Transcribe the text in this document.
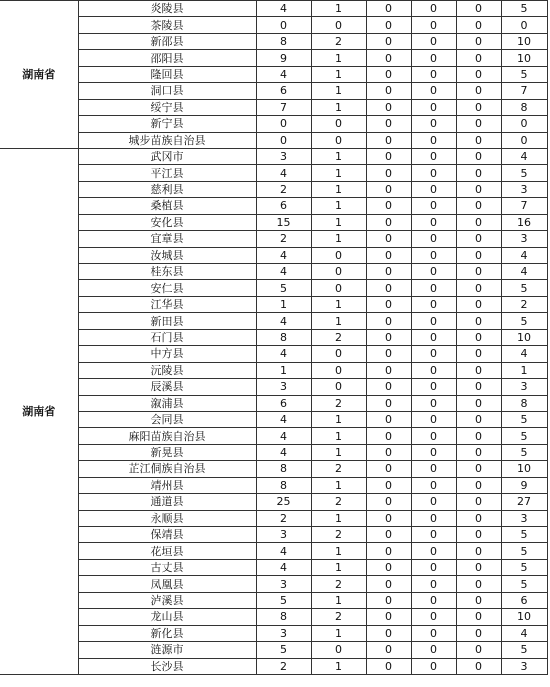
湖南省	炎陵县	4	1	0	0	0	5
	茶陵县	0	0	0	0	0	0
	新邵县	8	2	0	0	0	10
	邵阳县	9	1	0	0	0	10
	隆回县	4	1	0	0	0	5
	洞口县	6	1	0	0	0	7
	绥宁县	7	1	0	0	0	8
	新宁县	0	0	0	0	0	0
	城步苗族自治县	0	0	0	0	0	0
湖南省	武冈市	3	1	0	0	0	4
	平江县	4	1	0	0	0	5
	慈利县	2	1	0	0	0	3
	桑植县	6	1	0	0	0	7
	安化县	15	1	0	0	0	16
	宜章县	2	1	0	0	0	3
	汝城县	4	0	0	0	0	4
	桂东县	4	0	0	0	0	4
	安仁县	5	0	0	0	0	5
	江华县	1	1	0	0	0	2
	新田县	4	1	0	0	0	5
	石门县	8	2	0	0	0	10
	中方县	4	0	0	0	0	4
	沅陵县	1	0	0	0	0	1
	辰溪县	3	0	0	0	0	3
	溆浦县	6	2	0	0	0	8
	会同县	4	1	0	0	0	5
	麻阳苗族自治县	4	1	0	0	0	5
	新晃县	4	1	0	0	0	5
	芷江侗族自治县	8	2	0	0	0	10
	靖州县	8	1	0	0	0	9
	通道县	25	2	0	0	0	27
	永顺县	2	1	0	0	0	3
	保靖县	3	2	0	0	0	5
	花垣县	4	1	0	0	0	5
	古丈县	4	1	0	0	0	5
	凤凰县	3	2	0	0	0	5
	泸溪县	5	1	0	0	0	6
	龙山县	8	2	0	0	0	10
	新化县	3	1	0	0	0	4
	涟源市	5	0	0	0	0	5
	长沙县	2	1	0	0	0	3
